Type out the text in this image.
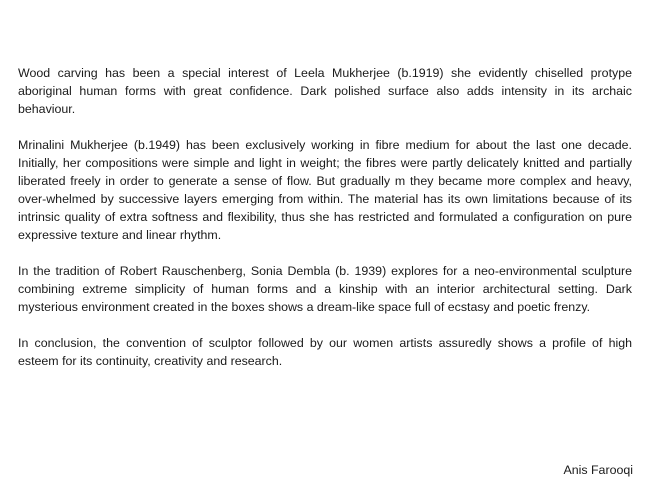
Wood carving has been a special interest of Leela Mukherjee (b.1919) she evidently chiselled protype aboriginal human forms with great confidence. Dark polished surface also adds intensity in its archaic behaviour.

Mrinalini Mukherjee (b.1949) has been exclusively working in fibre medium for about the last one decade. Initially, her compositions were simple and light in weight; the fibres were partly delicately knitted and partially liberated freely in order to generate a sense of flow. But gradually m they became more complex and heavy, over-whelmed by successive layers emerging from within. The material has its own limitations because of its intrinsic quality of extra softness and flexibility, thus she has restricted and formulated a configuration on pure expressive texture and linear rhythm.

In the tradition of Robert Rauschenberg, Sonia Dembla (b. 1939) explores for a neo-environmental sculpture combining extreme simplicity of human forms and a kinship with an interior architectural setting. Dark mysterious environment created in the boxes shows a dream-like space full of ecstasy and poetic frenzy.

In conclusion, the convention of sculptor followed by our women artists assuredly shows a profile of high esteem for its continuity, creativity and research.

Anis Farooqi
